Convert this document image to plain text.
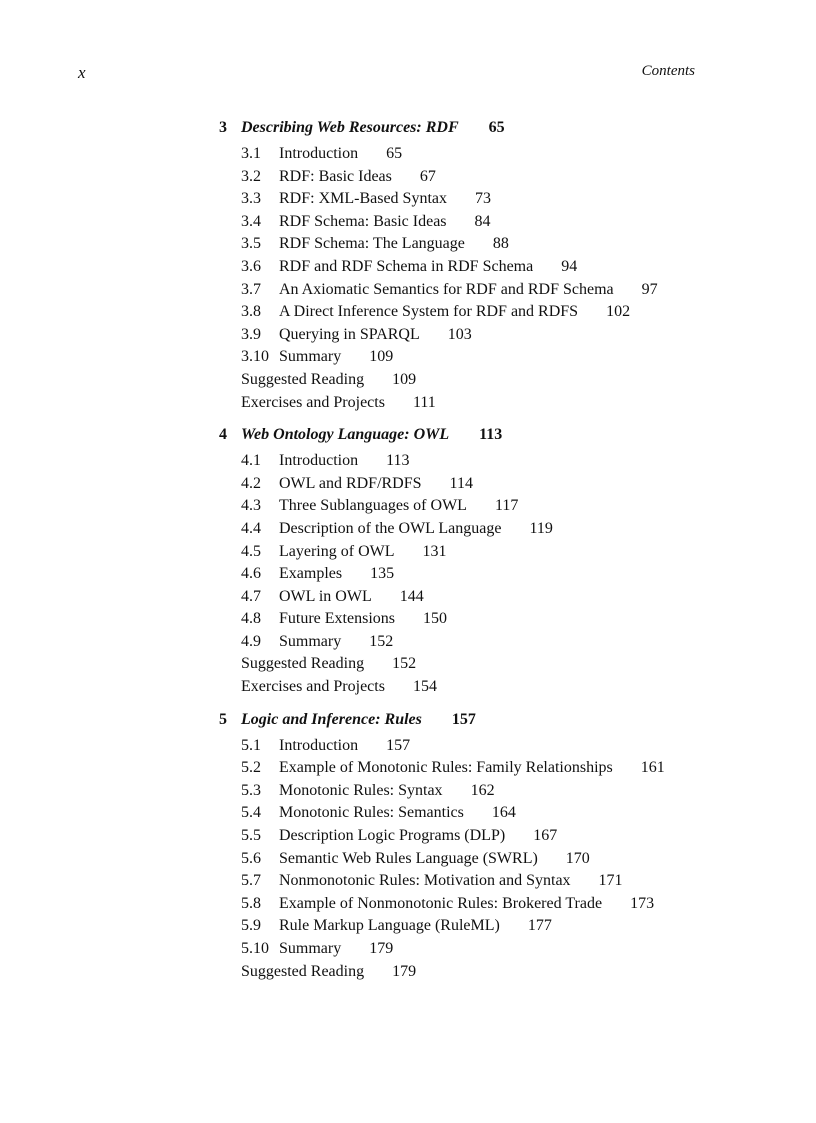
x	Contents
3 Describing Web Resources: RDF 65
3.1 Introduction 65
3.2 RDF: Basic Ideas 67
3.3 RDF: XML-Based Syntax 73
3.4 RDF Schema: Basic Ideas 84
3.5 RDF Schema: The Language 88
3.6 RDF and RDF Schema in RDF Schema 94
3.7 An Axiomatic Semantics for RDF and RDF Schema 97
3.8 A Direct Inference System for RDF and RDFS 102
3.9 Querying in SPARQL 103
3.10 Summary 109
Suggested Reading 109
Exercises and Projects 111
4 Web Ontology Language: OWL 113
4.1 Introduction 113
4.2 OWL and RDF/RDFS 114
4.3 Three Sublanguages of OWL 117
4.4 Description of the OWL Language 119
4.5 Layering of OWL 131
4.6 Examples 135
4.7 OWL in OWL 144
4.8 Future Extensions 150
4.9 Summary 152
Suggested Reading 152
Exercises and Projects 154
5 Logic and Inference: Rules 157
5.1 Introduction 157
5.2 Example of Monotonic Rules: Family Relationships 161
5.3 Monotonic Rules: Syntax 162
5.4 Monotonic Rules: Semantics 164
5.5 Description Logic Programs (DLP) 167
5.6 Semantic Web Rules Language (SWRL) 170
5.7 Nonmonotonic Rules: Motivation and Syntax 171
5.8 Example of Nonmonotonic Rules: Brokered Trade 173
5.9 Rule Markup Language (RuleML) 177
5.10 Summary 179
Suggested Reading 179
